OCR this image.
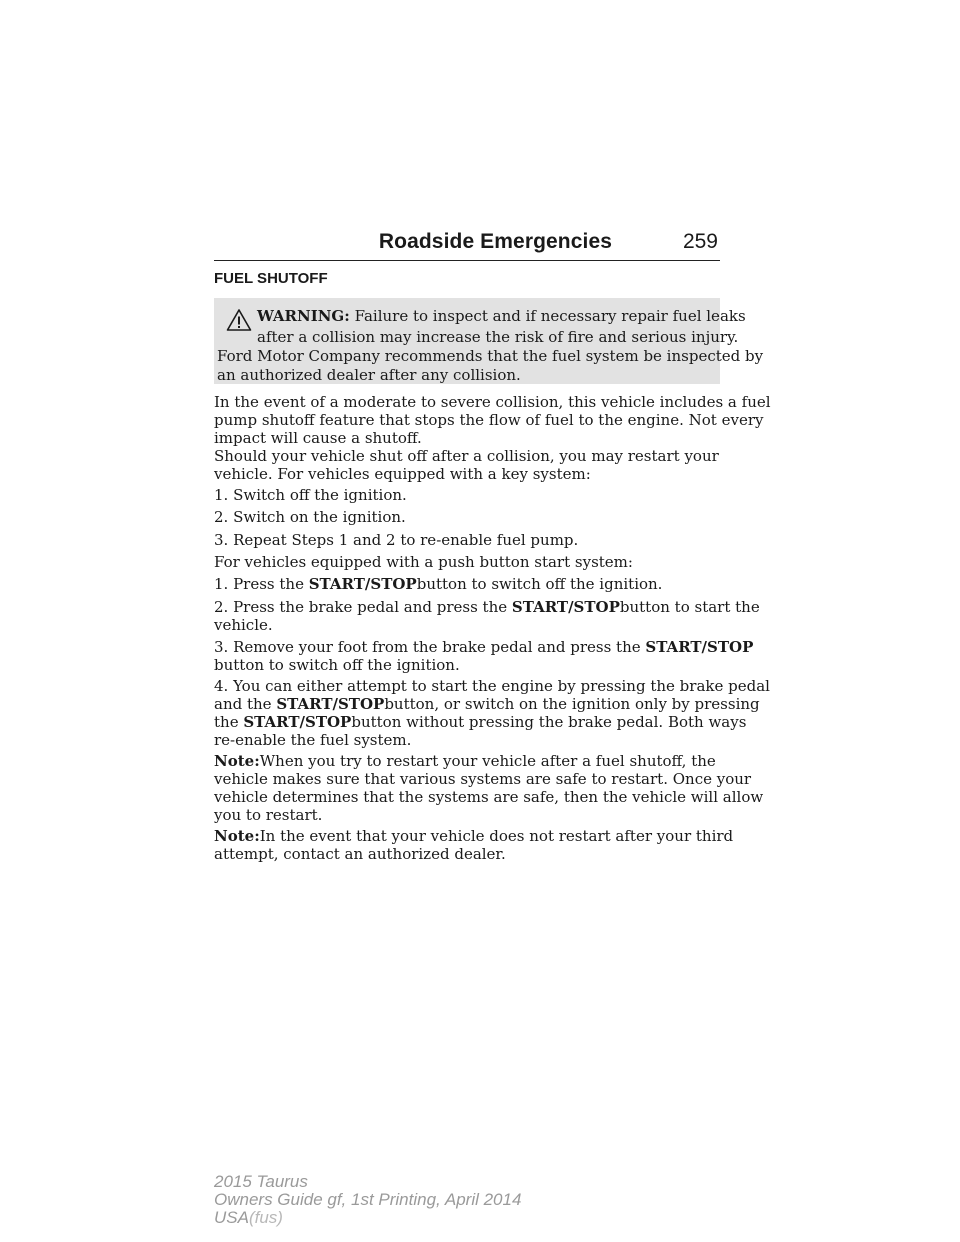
Roadside Emergencies	259
FUEL SHUTOFF
WARNING: Failure to inspect and if necessary repair fuel leaks
after a collision may increase the risk of fire and serious injury.
Ford Motor Company recommends that the fuel system be inspected by
an authorized dealer after any collision.
In the event of a moderate to severe collision, this vehicle includes a fuel
pump shutoff feature that stops the flow of fuel to the engine. Not every
impact will cause a shutoff.
Should your vehicle shut off after a collision, you may restart your
vehicle. For vehicles equipped with a key system:
1. Switch off the ignition.
2. Switch on the ignition.
3. Repeat Steps 1 and 2 to re-enable fuel pump.
For vehicles equipped with a push button start system:
1. Press the START/STOPbutton to switch off the ignition.
2. Press the brake pedal and press the START/STOPbutton to start the
vehicle.
3. Remove your foot from the brake pedal and press the START/STOP
button to switch off the ignition.
4. You can either attempt to start the engine by pressing the brake pedal
and the START/STOPbutton, or switch on the ignition only by pressing
the START/STOPbutton without pressing the brake pedal. Both ways
re-enable the fuel system.
Note:When you try to restart your vehicle after a fuel shutoff, the
vehicle makes sure that various systems are safe to restart. Once your
vehicle determines that the systems are safe, then the vehicle will allow
you to restart.
Note:In the event that your vehicle does not restart after your third
attempt, contact an authorized dealer.
2015 Taurus
Owners Guide gf, 1st Printing, April 2014
USA(fus)
